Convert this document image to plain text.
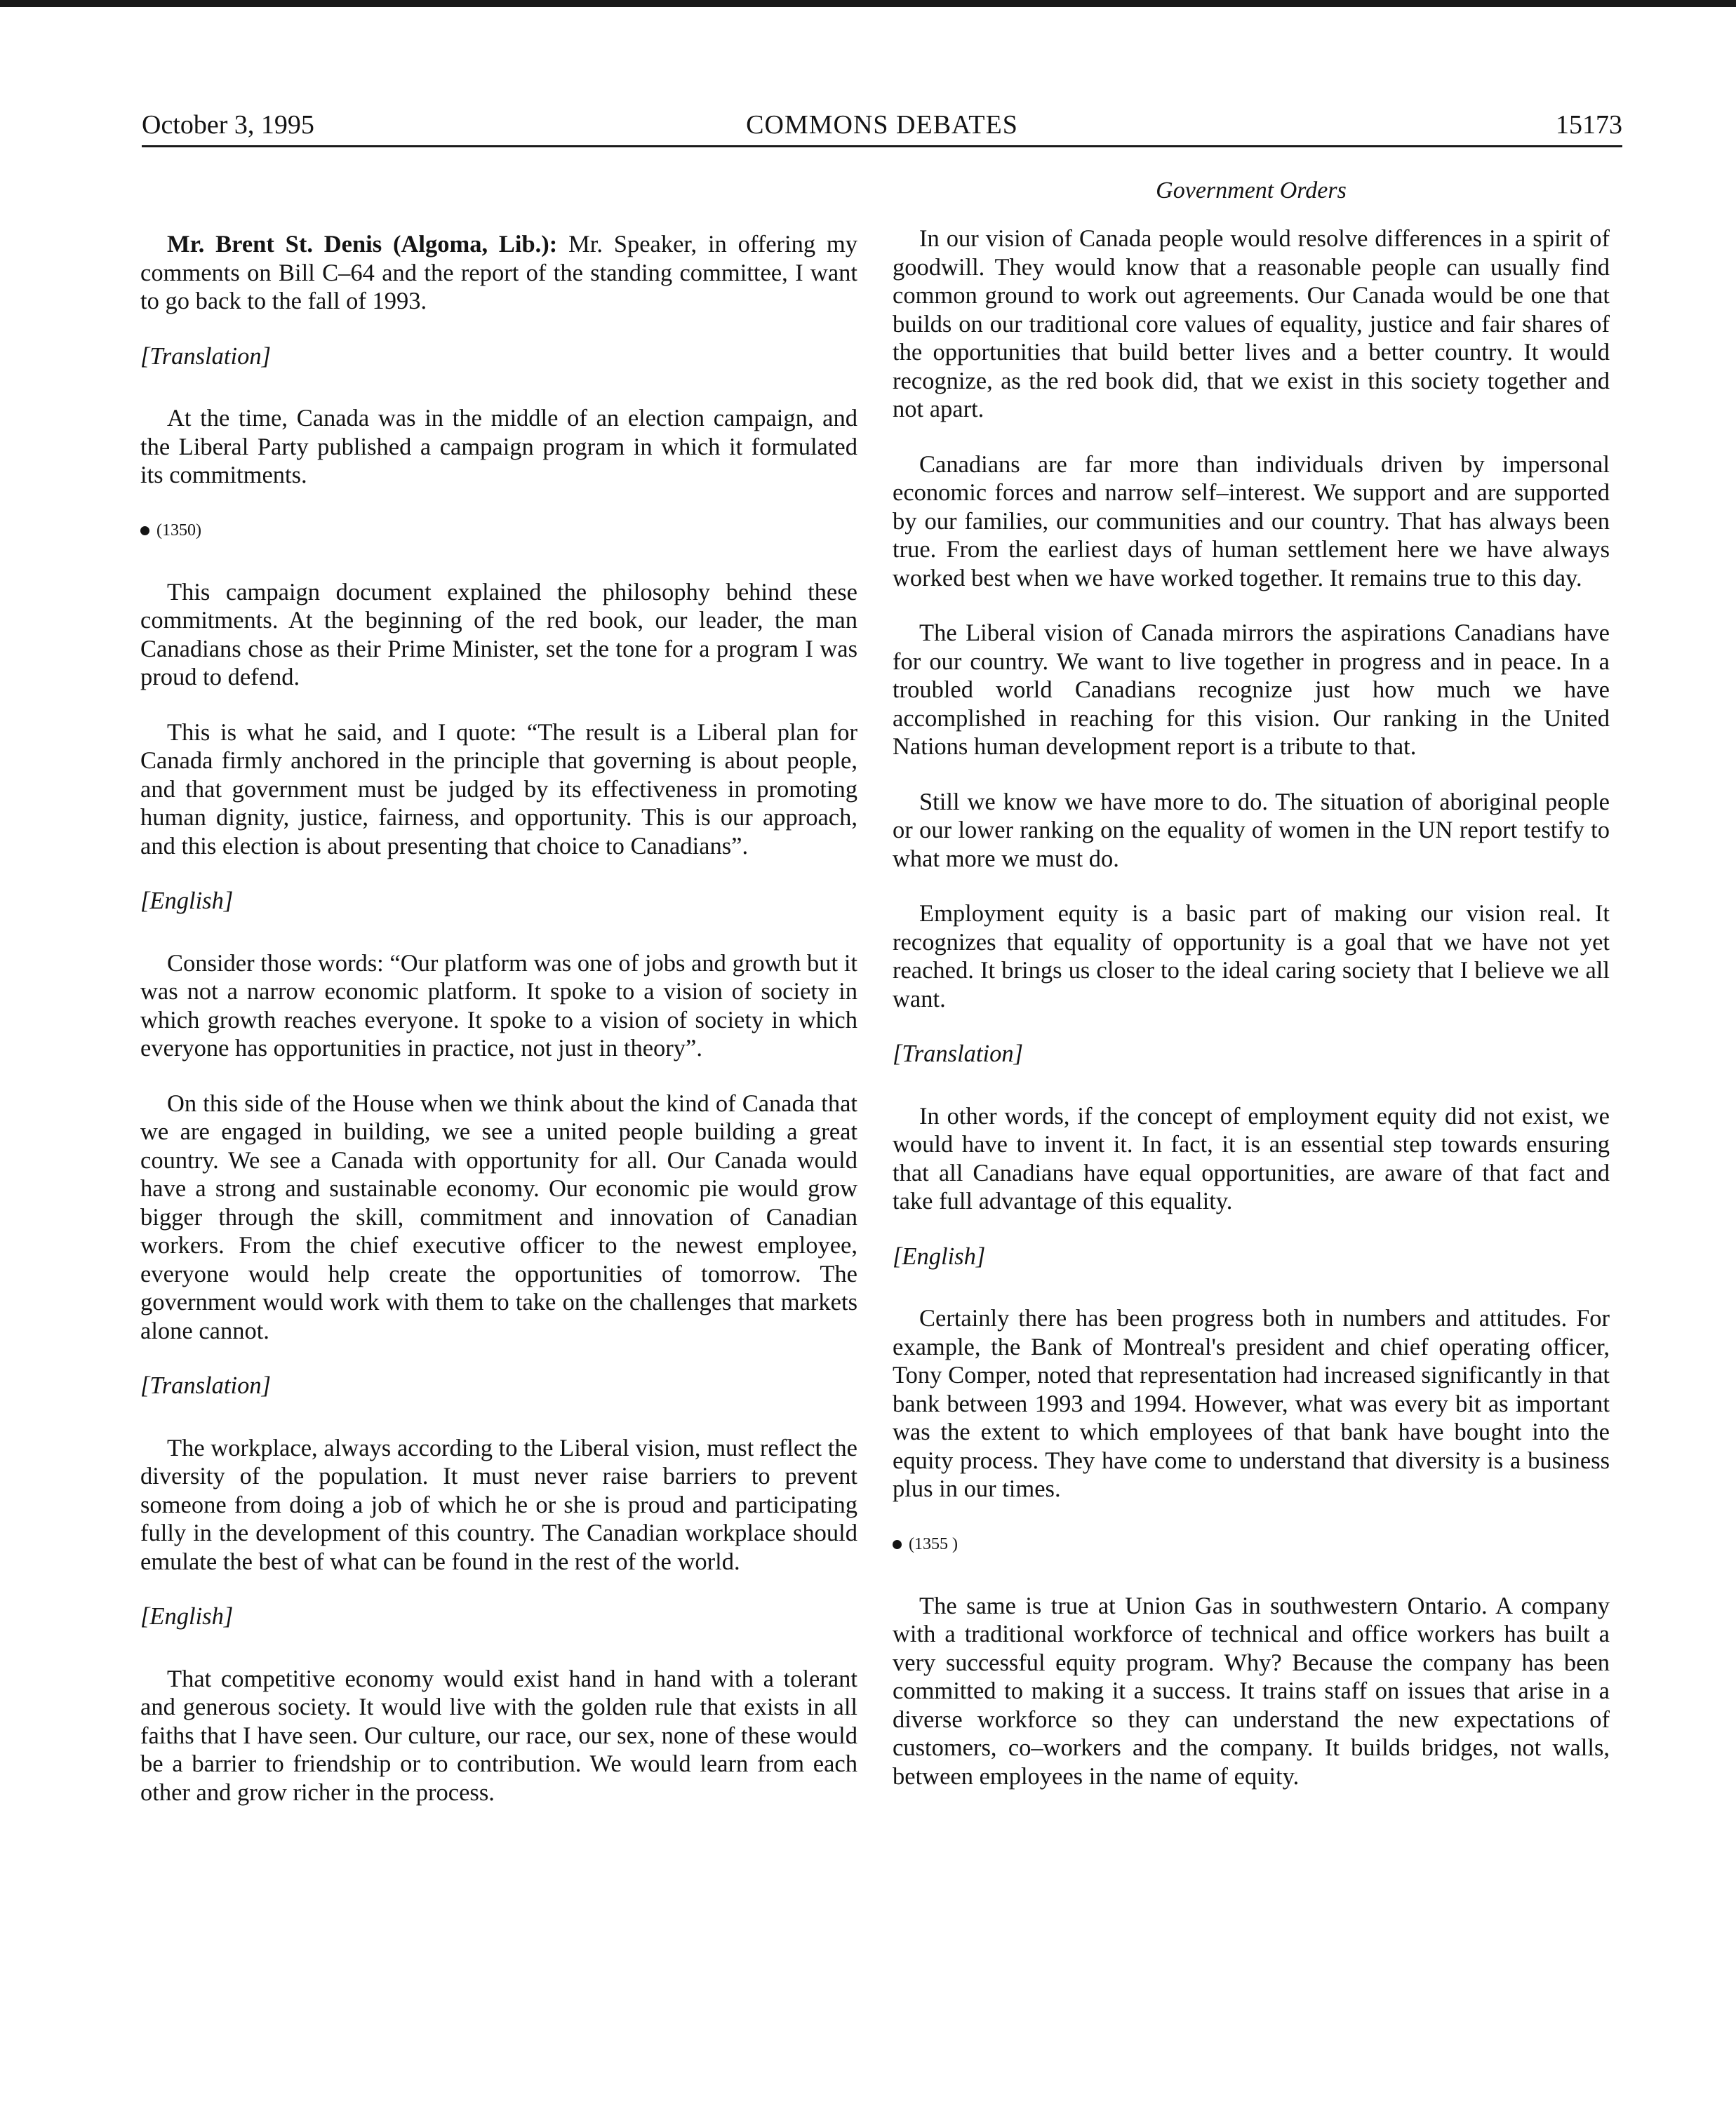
COMMONS DEBATES
October 3, 1995	15173

Mr. Brent St. Denis (Algoma, Lib.): Mr. Speaker, in offering my comments on Bill C–64 and the report of the standing committee, I want to go back to the fall of 1993.

[Translation]

At the time, Canada was in the middle of an election campaign, and the Liberal Party published a campaign program in which it formulated its commitments.

(1350)

This campaign document explained the philosophy behind these commitments. At the beginning of the red book, our leader, the man Canadians chose as their Prime Minister, set the tone for a program I was proud to defend.

This is what he said, and I quote: “The result is a Liberal plan for Canada firmly anchored in the principle that governing is about people, and that government must be judged by its effectiveness in promoting human dignity, justice, fairness, and opportunity. This is our approach, and this election is about presenting that choice to Canadians”.

[English]

Consider those words: “Our platform was one of jobs and growth but it was not a narrow economic platform. It spoke to a vision of society in which growth reaches everyone. It spoke to a vision of society in which everyone has opportunities in practice, not just in theory”.

On this side of the House when we think about the kind of Canada that we are engaged in building, we see a united people building a great country. We see a Canada with opportunity for all. Our Canada would have a strong and sustainable economy. Our economic pie would grow bigger through the skill, commitment and innovation of Canadian workers. From the chief executive officer to the newest employee, everyone would help create the opportunities of tomorrow. The government would work with them to take on the challenges that markets alone cannot.

[Translation]

The workplace, always according to the Liberal vision, must reflect the diversity of the population. It must never raise barriers to prevent someone from doing a job of which he or she is proud and participating fully in the development of this country. The Canadian workplace should emulate the best of what can be found in the rest of the world.

[English]

That competitive economy would exist hand in hand with a tolerant and generous society. It would live with the golden rule that exists in all faiths that I have seen. Our culture, our race, our sex, none of these would be a barrier to friendship or to contribution. We would learn from each other and grow richer in the process.

Government Orders

In our vision of Canada people would resolve differences in a spirit of goodwill. They would know that a reasonable people can usually find common ground to work out agreements. Our Canada would be one that builds on our traditional core values of equality, justice and fair shares of the opportunities that build better lives and a better country. It would recognize, as the red book did, that we exist in this society together and not apart.

Canadians are far more than individuals driven by impersonal economic forces and narrow self–interest. We support and are supported by our families, our communities and our country. That has always been true. From the earliest days of human settlement here we have always worked best when we have worked together. It remains true to this day.

The Liberal vision of Canada mirrors the aspirations Canadians have for our country. We want to live together in progress and in peace. In a troubled world Canadians recognize just how much we have accomplished in reaching for this vision. Our ranking in the United Nations human development report is a tribute to that.

Still we know we have more to do. The situation of aboriginal people or our lower ranking on the equality of women in the UN report testify to what more we must do.

Employment equity is a basic part of making our vision real. It recognizes that equality of opportunity is a goal that we have not yet reached. It brings us closer to the ideal caring society that I believe we all want.

[Translation]

In other words, if the concept of employment equity did not exist, we would have to invent it. In fact, it is an essential step towards ensuring that all Canadians have equal opportunities, are aware of that fact and take full advantage of this equality.

[English]

Certainly there has been progress both in numbers and attitudes. For example, the Bank of Montreal's president and chief operating officer, Tony Comper, noted that representation had increased significantly in that bank between 1993 and 1994. However, what was every bit as important was the extent to which employees of that bank have bought into the equity process. They have come to understand that diversity is a business plus in our times.

(1355 )

The same is true at Union Gas in southwestern Ontario. A company with a traditional workforce of technical and office workers has built a very successful equity program. Why? Because the company has been committed to making it a success. It trains staff on issues that arise in a diverse workforce so they can understand the new expectations of customers, co–workers and the company. It builds bridges, not walls, between employees in the name of equity.
